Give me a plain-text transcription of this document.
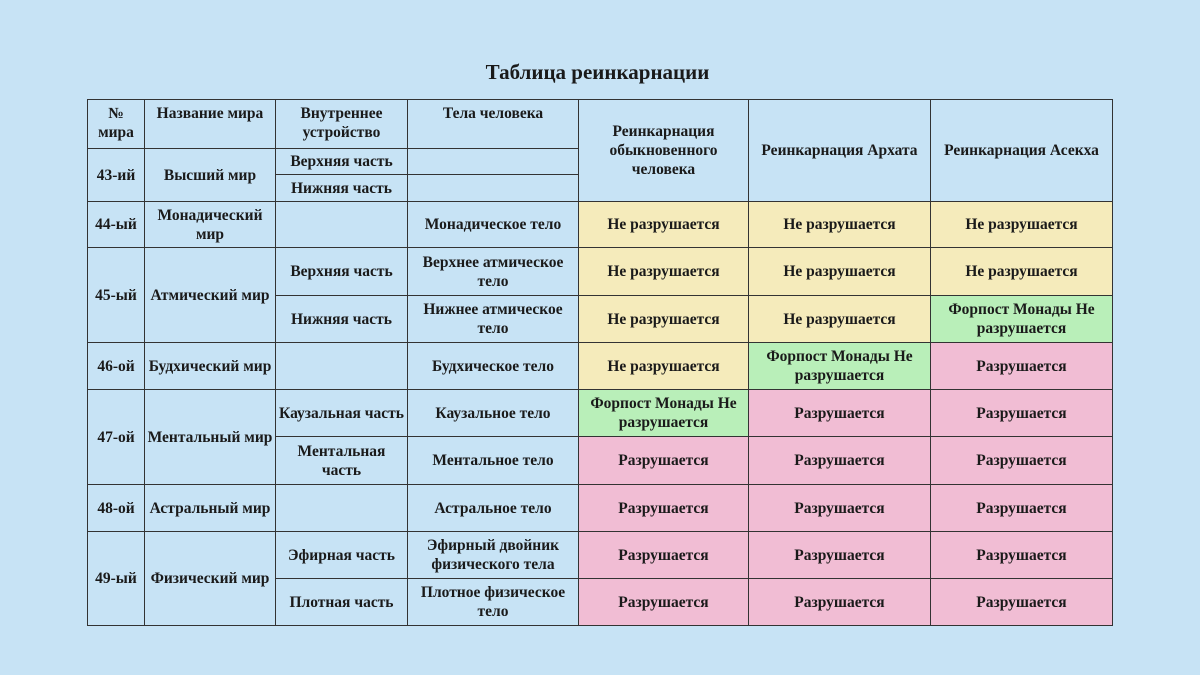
Таблица реинкарнации
№ мира	Название мира	Внутреннее устройство	Тела человека	Реинкарнация обыкновенного человека	Реинкарнация Архата	Реинкарнация Асекха
43-ий	Высший мир	Верхняя часть				
		Нижняя часть				
44-ый	Монадический мир		Монадическое тело	Не разрушается	Не разрушается	Не разрушается
45-ый	Атмический мир	Верхняя часть	Верхнее атмическое тело	Не разрушается	Не разрушается	Не разрушается
		Нижняя часть	Нижнее атмическое тело	Не разрушается	Не разрушается	Форпост Монады Не разрушается
46-ой	Будхический мир		Будхическое тело	Не разрушается	Форпост Монады Не разрушается	Разрушается
47-ой	Ментальный мир	Каузальная часть	Каузальное тело	Форпост Монады Не разрушается	Разрушается	Разрушается
		Ментальная часть	Ментальное тело	Разрушается	Разрушается	Разрушается
48-ой	Астральный мир		Астральное тело	Разрушается	Разрушается	Разрушается
49-ый	Физический мир	Эфирная часть	Эфирный двойник физического тела	Разрушается	Разрушается	Разрушается
		Плотная часть	Плотное физическое тело	Разрушается	Разрушается	Разрушается
